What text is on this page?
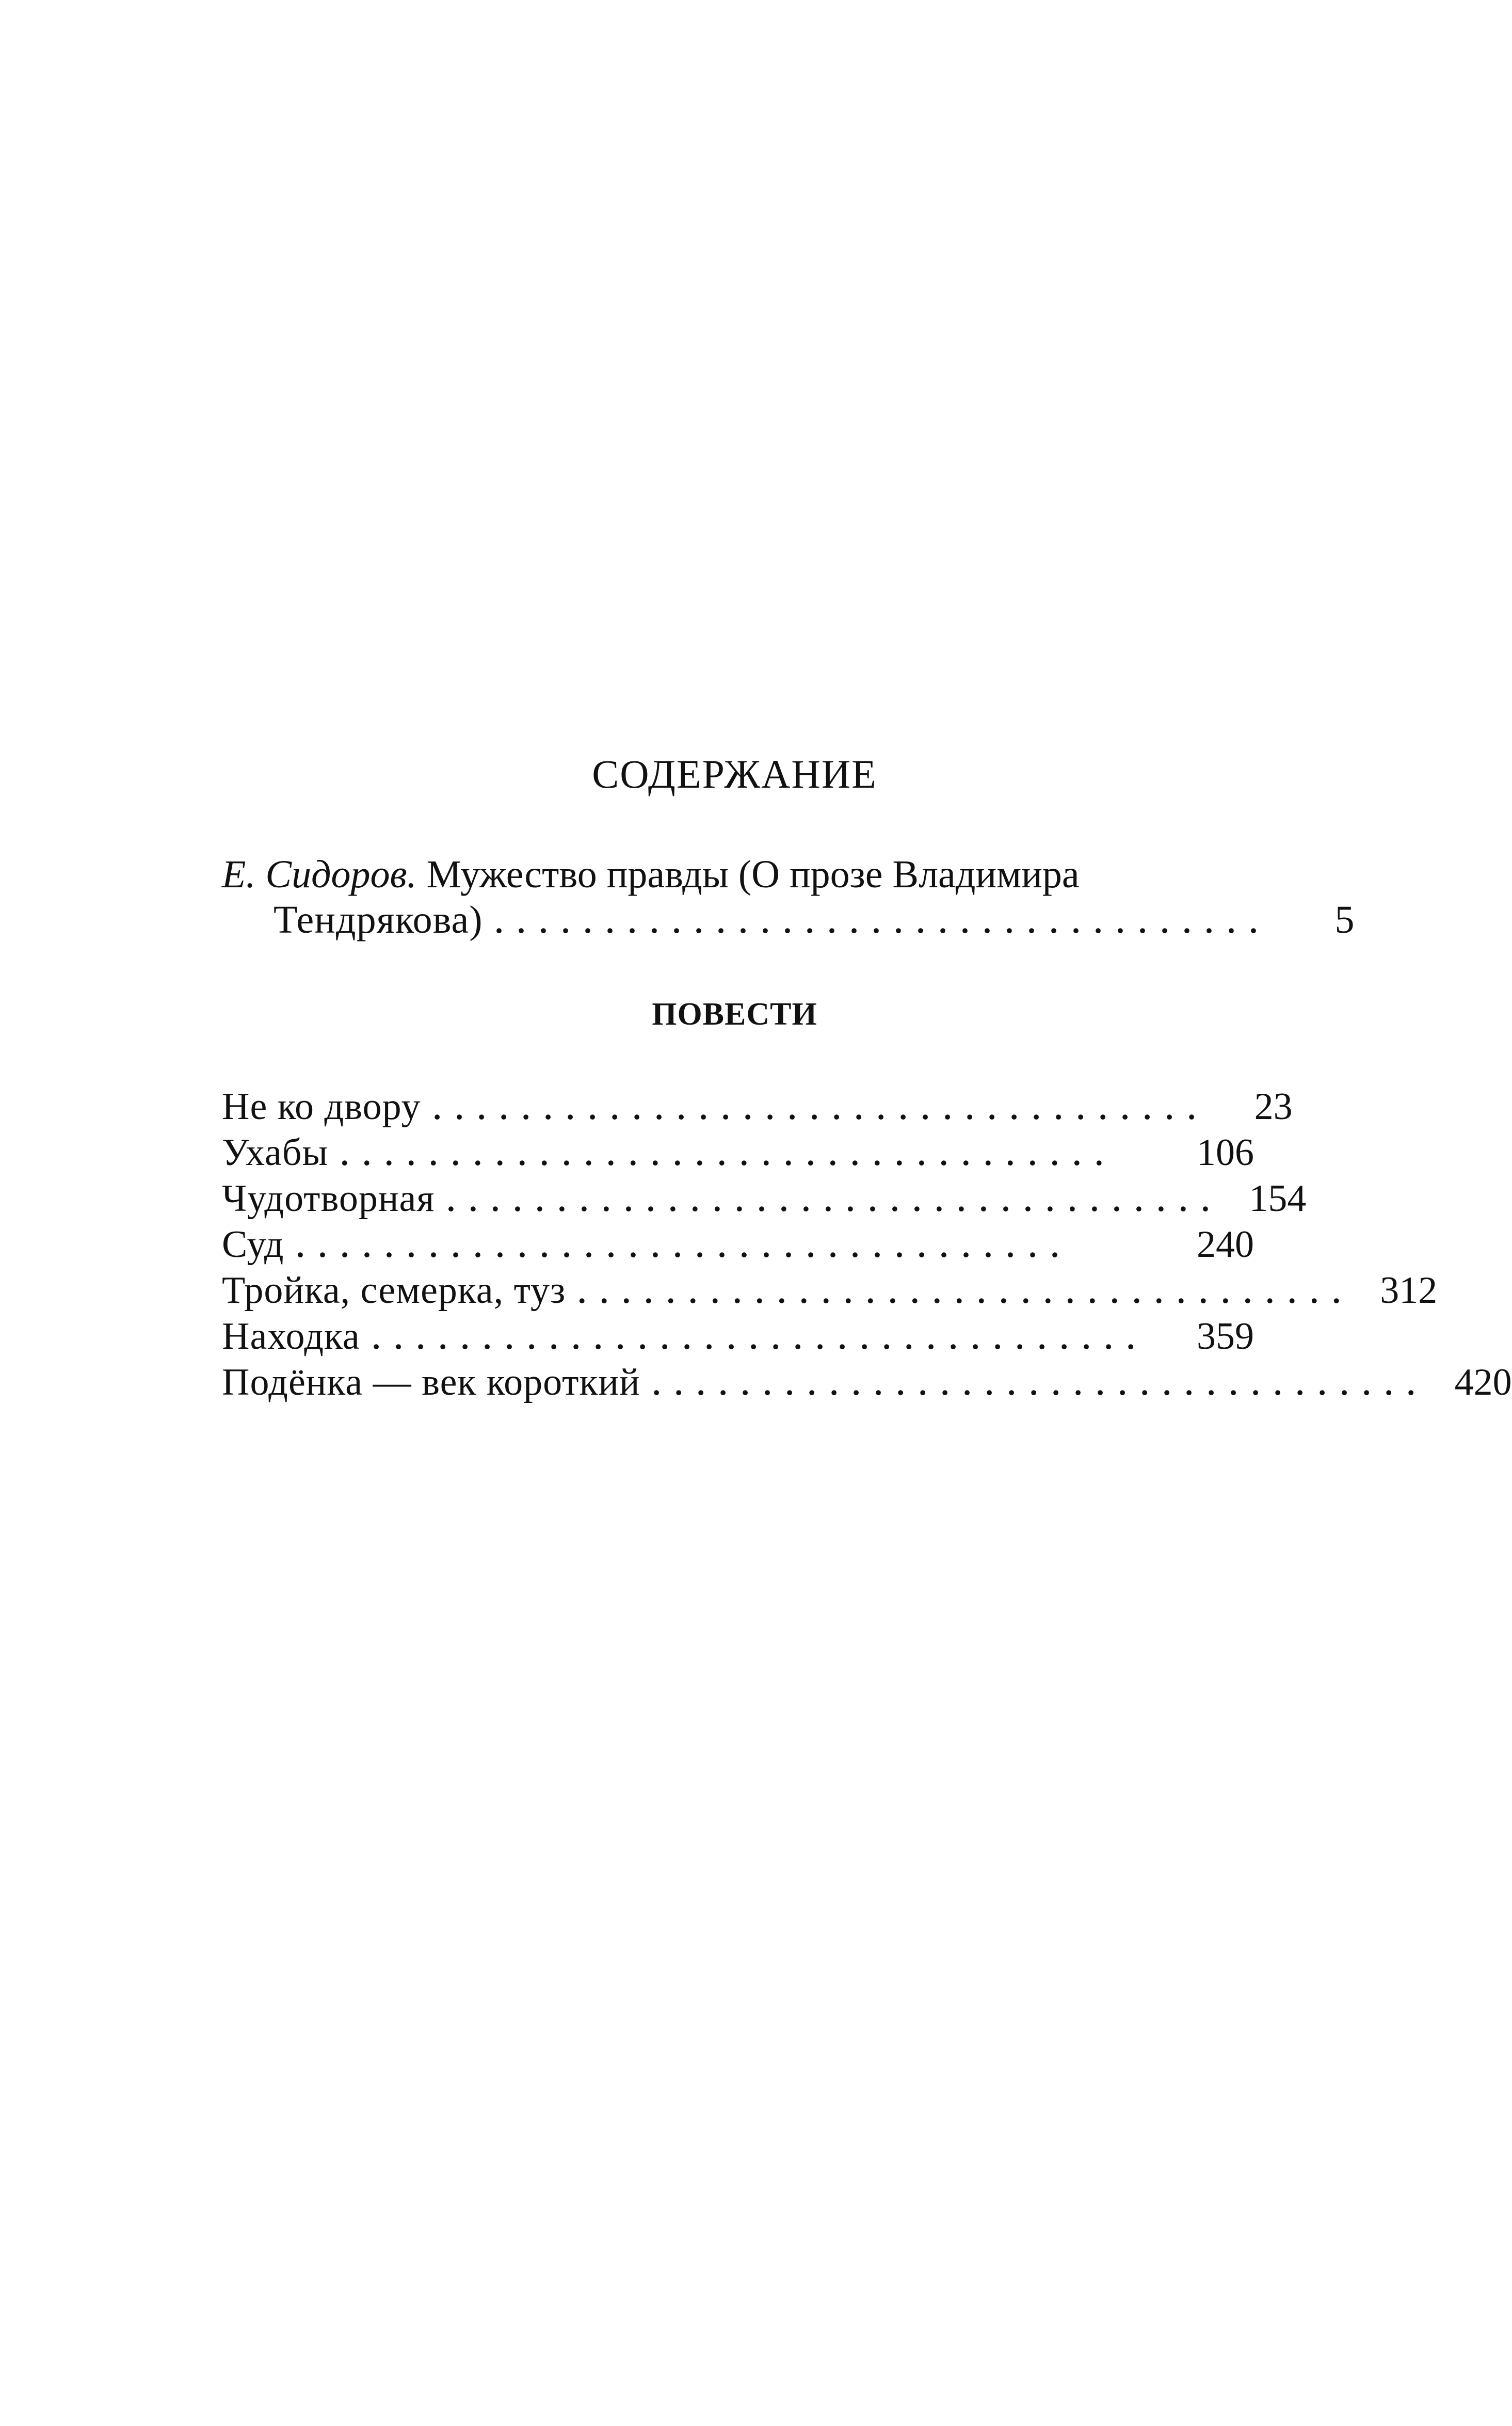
СОДЕРЖАНИЕ
Е. Сидоров. Мужество правды (О прозе Владимира
Тендрякова) ...................................	5
ПОВЕСТИ
Не ко двору ...................................	23
Ухабы ...................................	106
Чудотворная ................................... 154
Суд ...................................	240
Тройка, семерка, туз ................................... 312
Находка ...................................	359
Подёнка — век короткий ................................... 420
